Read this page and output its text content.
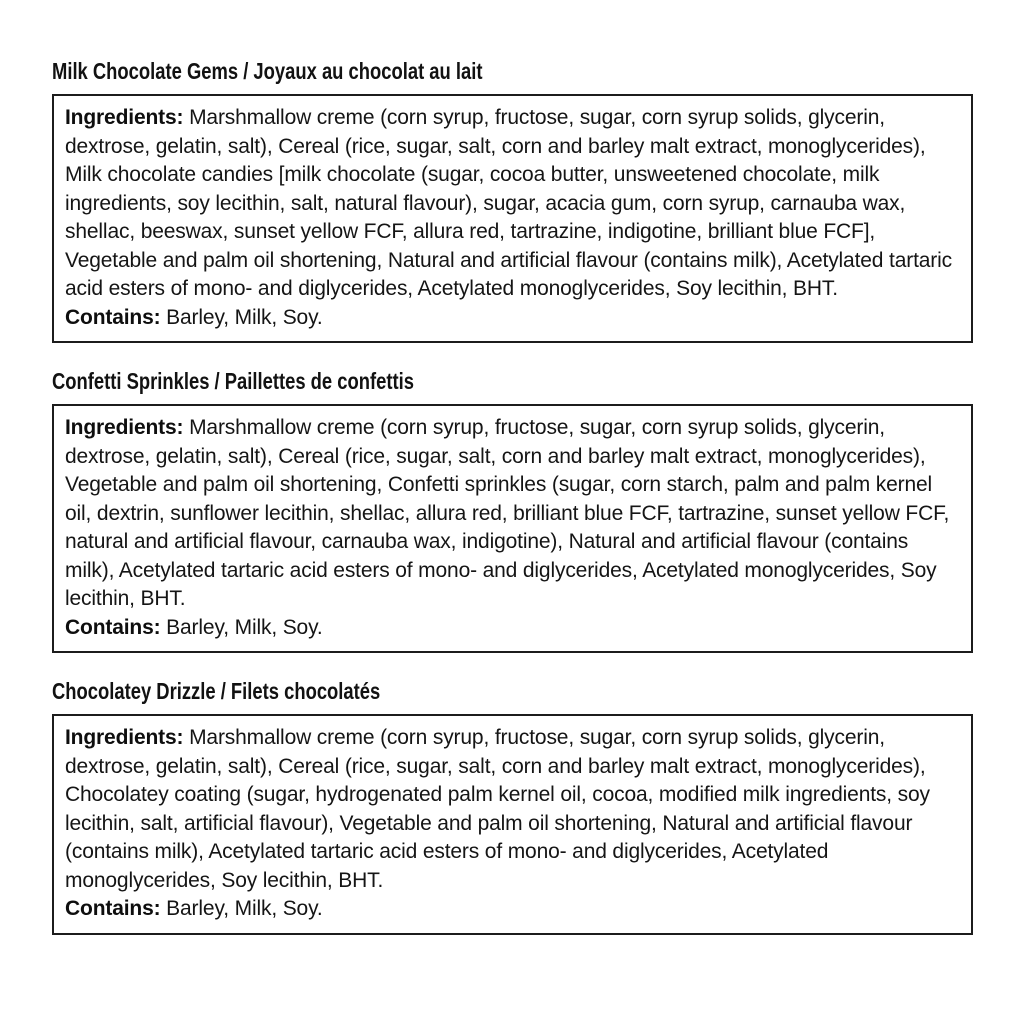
Milk Chocolate Gems / Joyaux au chocolat au lait

Ingredients: Marshmallow creme (corn syrup, fructose, sugar, corn syrup solids, glycerin, dextrose, gelatin, salt), Cereal (rice, sugar, salt, corn and barley malt extract, monoglycerides), Milk chocolate candies [milk chocolate (sugar, cocoa butter, unsweetened chocolate, milk ingredients, soy lecithin, salt, natural flavour), sugar, acacia gum, corn syrup, carnauba wax, shellac, beeswax, sunset yellow FCF, allura red, tartrazine, indigotine, brilliant blue FCF], Vegetable and palm oil shortening, Natural and artificial flavour (contains milk), Acetylated tartaric acid esters of mono- and diglycerides, Acetylated monoglycerides, Soy lecithin, BHT.

Contains: Barley, Milk, Soy.

Confetti Sprinkles / Paillettes de confettis

Ingredients: Marshmallow creme (corn syrup, fructose, sugar, corn syrup solids, glycerin, dextrose, gelatin, salt), Cereal (rice, sugar, salt, corn and barley malt extract, monoglycerides), Vegetable and palm oil shortening, Confetti sprinkles (sugar, corn starch, palm and palm kernel oil, dextrin, sunflower lecithin, shellac, allura red, brilliant blue FCF, tartrazine, sunset yellow FCF, natural and artificial flavour, carnauba wax, indigotine), Natural and artificial flavour (contains milk), Acetylated tartaric acid esters of mono- and diglycerides, Acetylated monoglycerides, Soy lecithin, BHT.

Contains: Barley, Milk, Soy.

Chocolatey Drizzle / Filets chocolatés

Ingredients: Marshmallow creme (corn syrup, fructose, sugar, corn syrup solids, glycerin, dextrose, gelatin, salt), Cereal (rice, sugar, salt, corn and barley malt extract, monoglycerides), Chocolatey coating (sugar, hydrogenated palm kernel oil, cocoa, modified milk ingredients, soy lecithin, salt, artificial flavour), Vegetable and palm oil shortening, Natural and artificial flavour (contains milk), Acetylated tartaric acid esters of mono- and diglycerides, Acetylated monoglycerides, Soy lecithin, BHT.

Contains: Barley, Milk, Soy.
